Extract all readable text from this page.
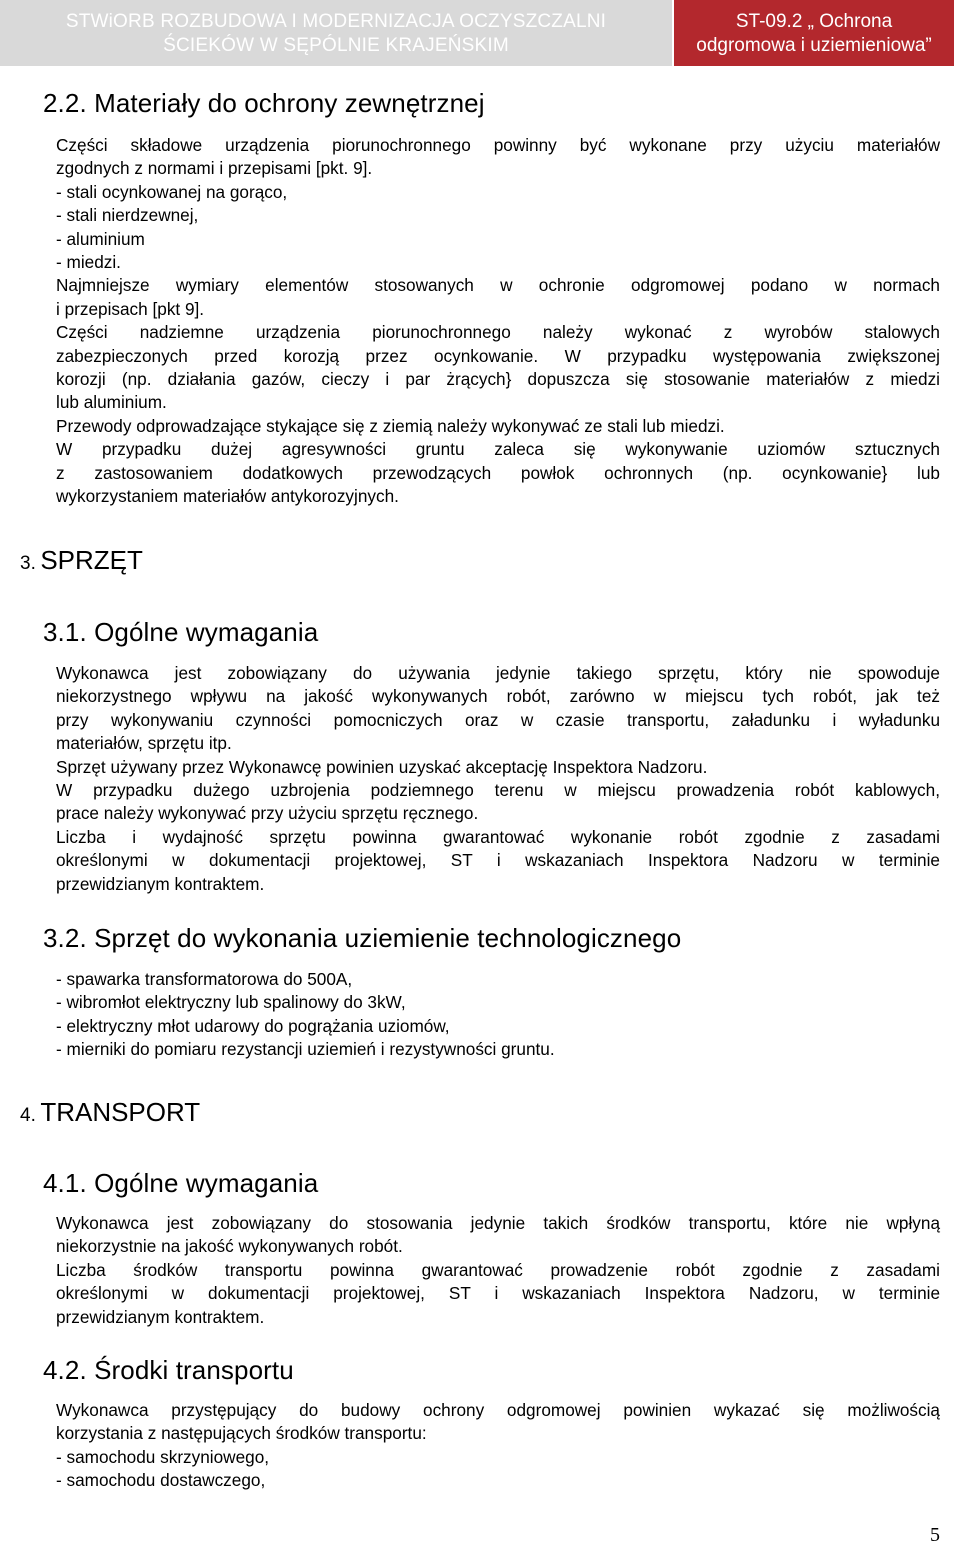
STWiORB ROZBUDOWA I MODERNIZACJA OCZYSZCZALNI
ŚCIEKÓW W SĘPÓLNIE KRAJEŃSKIM
ST-09.2 „ Ochrona
odgromowa i uziemieniowa”
2.2. Materiały do ochrony zewnętrznej
Części składowe urządzenia piorunochronnego powinny być wykonane przy użyciu materiałów
zgodnych z normami i przepisami [pkt. 9].
- stali ocynkowanej na gorąco,
- stali nierdzewnej,
- aluminium
- miedzi.
Najmniejsze wymiary elementów stosowanych w ochronie odgromowej podano w normach
i przepisach [pkt 9].
Części nadziemne urządzenia piorunochronnego należy wykonać z wyrobów stalowych
zabezpieczonych przed korozją przez ocynkowanie. W przypadku występowania zwiększonej
korozji (np. działania gazów, cieczy i par żrących} dopuszcza się stosowanie materiałów z miedzi
lub aluminium.
Przewody odprowadzające stykające się z ziemią należy wykonywać ze stali lub miedzi.
W przypadku dużej agresywności gruntu zaleca się wykonywanie uziomów sztucznych
z zastosowaniem dodatkowych przewodzących powłok ochronnych (np. ocynkowanie} lub
wykorzystaniem materiałów antykorozyjnych.
3. SPRZĘT
3.1. Ogólne wymagania
Wykonawca jest zobowiązany do używania jedynie takiego sprzętu, który nie spowoduje
niekorzystnego wpływu na jakość wykonywanych robót, zarówno w miejscu tych robót, jak też
przy wykonywaniu czynności pomocniczych oraz w czasie transportu, załadunku i wyładunku
materiałów, sprzętu itp.
Sprzęt używany przez Wykonawcę powinien uzyskać akceptację Inspektora Nadzoru.
W przypadku dużego uzbrojenia podziemnego terenu w miejscu prowadzenia robót kablowych,
prace należy wykonywać przy użyciu sprzętu ręcznego.
Liczba i wydajność sprzętu powinna gwarantować wykonanie robót zgodnie z zasadami
określonymi w dokumentacji projektowej, ST i wskazaniach Inspektora Nadzoru w terminie
przewidzianym kontraktem.
3.2. Sprzęt do wykonania uziemienie technologicznego
- spawarka transformatorowa do 500A,
- wibromłot elektryczny lub spalinowy do 3kW,
- elektryczny młot udarowy do pogrążania uziomów,
- mierniki do pomiaru rezystancji uziemień i rezystywności gruntu.
4. TRANSPORT
4.1. Ogólne wymagania
Wykonawca jest zobowiązany do stosowania jedynie takich środków transportu, które nie wpłyną
niekorzystnie na jakość wykonywanych robót.
Liczba środków transportu powinna gwarantować prowadzenie robót zgodnie z zasadami
określonymi w dokumentacji projektowej, ST i wskazaniach Inspektora Nadzoru, w terminie
przewidzianym kontraktem.
4.2. Środki transportu
Wykonawca przystępujący do budowy ochrony odgromowej powinien wykazać się możliwością
korzystania z następujących środków transportu:
- samochodu skrzyniowego,
- samochodu dostawczego,
5
